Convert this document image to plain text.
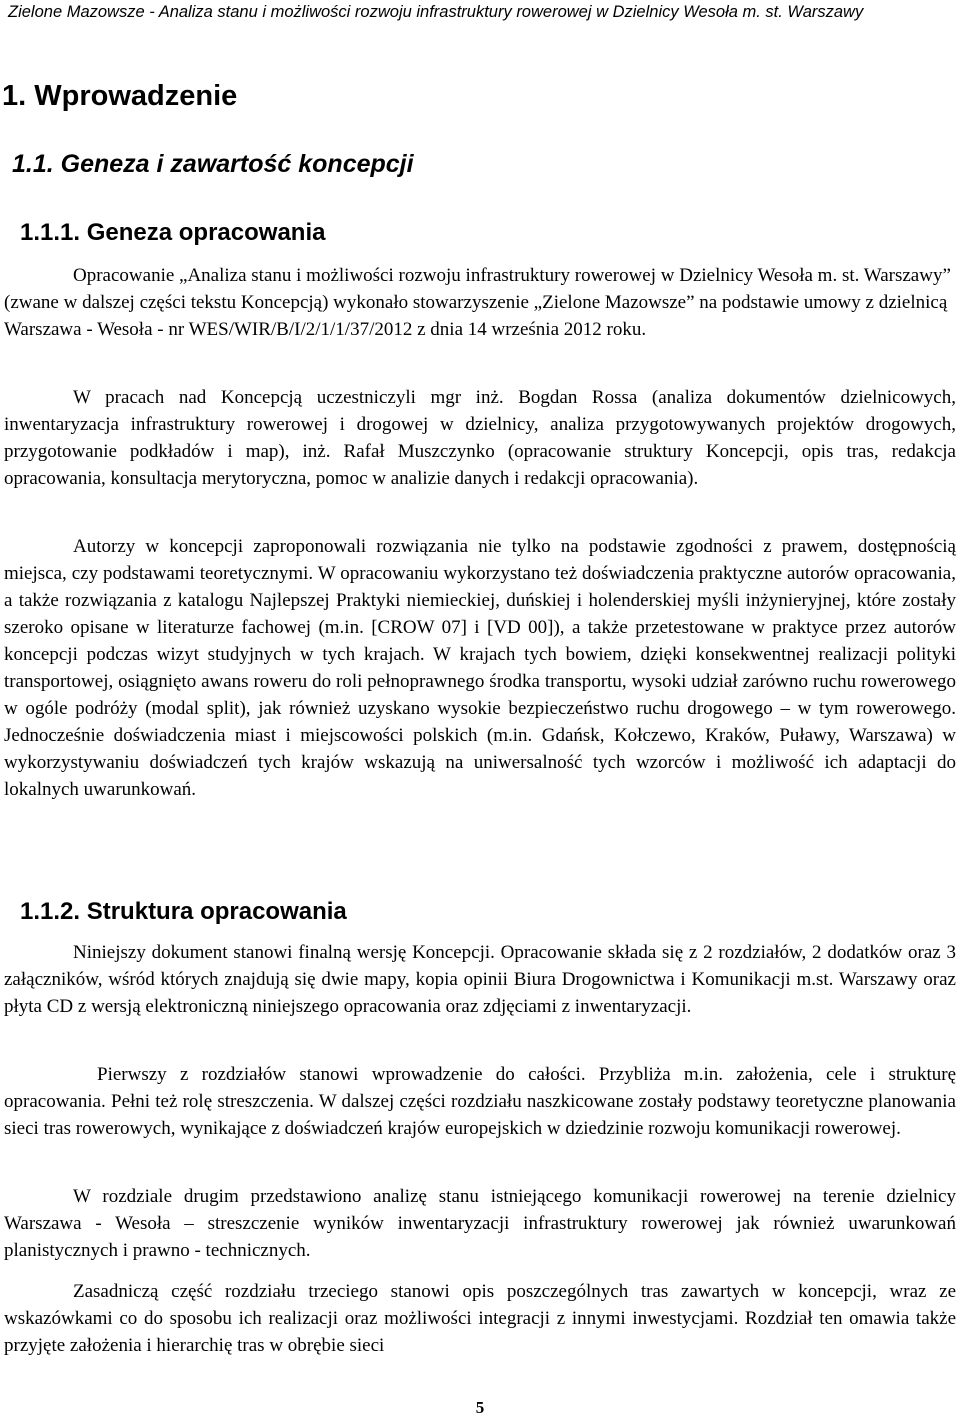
Zielone Mazowsze - Analiza stanu i możliwości rozwoju infrastruktury rowerowej w Dzielnicy Wesoła m. st. Warszawy
1. Wprowadzenie
1.1. Geneza i zawartość koncepcji
1.1.1. Geneza opracowania

Opracowanie „Analiza stanu i możliwości rozwoju infrastruktury rowerowej w Dzielnicy Wesoła m. st. Warszawy” (zwane w dalszej części tekstu Koncepcją) wykonało stowarzyszenie „Zielone Mazowsze” na podstawie umowy z dzielnicą Warszawa - Wesoła - nr WES/WIR/B/I/2/1/1/37/2012 z dnia 14 września 2012 roku.

W pracach nad Koncepcją uczestniczyli mgr inż. Bogdan Rossa (analiza dokumentów dzielnicowych, inwentaryzacja infrastruktury rowerowej i drogowej w dzielnicy, analiza przygotowywanych projektów drogowych, przygotowanie podkładów i map), inż. Rafał Muszczynko (opracowanie struktury Koncepcji, opis tras, redakcja opracowania, konsultacja merytoryczna, pomoc w analizie danych i redakcji opracowania).

Autorzy w koncepcji zaproponowali rozwiązania nie tylko na podstawie zgodności z prawem, dostępnością miejsca, czy podstawami teoretycznymi. W opracowaniu wykorzystano też doświadczenia praktyczne autorów opracowania, a także rozwiązania z katalogu Najlepszej Praktyki niemieckiej, duńskiej i holenderskiej myśli inżynieryjnej, które zostały szeroko opisane w literaturze fachowej (m.in. [CROW 07] i [VD 00]), a także przetestowane w praktyce przez autorów koncepcji podczas wizyt studyjnych w tych krajach. W krajach tych bowiem, dzięki konsekwentnej realizacji polityki transportowej, osiągnięto awans roweru do roli pełnoprawnego środka transportu, wysoki udział zarówno ruchu rowerowego w ogóle podróży (modal split), jak również uzyskano wysokie bezpieczeństwo ruchu drogowego – w tym rowerowego. Jednocześnie doświadczenia miast i miejscowości polskich (m.in. Gdańsk, Kołczewo, Kraków, Puławy, Warszawa) w wykorzystywaniu doświadczeń tych krajów wskazują na uniwersalność tych wzorców i możliwość ich adaptacji do lokalnych uwarunkowań.

1.1.2. Struktura opracowania

Niniejszy dokument stanowi finalną wersję Koncepcji. Opracowanie składa się z 2 rozdziałów, 2 dodatków oraz 3 załączników, wśród których znajdują się dwie mapy, kopia opinii Biura Drogownictwa i Komunikacji m.st. Warszawy oraz płyta CD z wersją elektroniczną niniejszego opracowania oraz zdjęciami z inwentaryzacji.

Pierwszy z rozdziałów stanowi wprowadzenie do całości. Przybliża m.in. założenia, cele i strukturę opracowania. Pełni też rolę streszczenia. W dalszej części rozdziału naszkicowane zostały podstawy teoretyczne planowania sieci tras rowerowych, wynikające z doświadczeń krajów europejskich w dziedzinie rozwoju komunikacji rowerowej.

W rozdziale drugim przedstawiono analizę stanu istniejącego komunikacji rowerowej na terenie dzielnicy Warszawa - Wesoła – streszczenie wyników inwentaryzacji infrastruktury rowerowej jak również uwarunkowań planistycznych i prawno - technicznych.

Zasadniczą część rozdziału trzeciego stanowi opis poszczególnych tras zawartych w koncepcji, wraz ze wskazówkami co do sposobu ich realizacji oraz możliwości integracji z innymi inwestycjami. Rozdział ten omawia także przyjęte założenia i hierarchię tras w obrębie sieci

5
